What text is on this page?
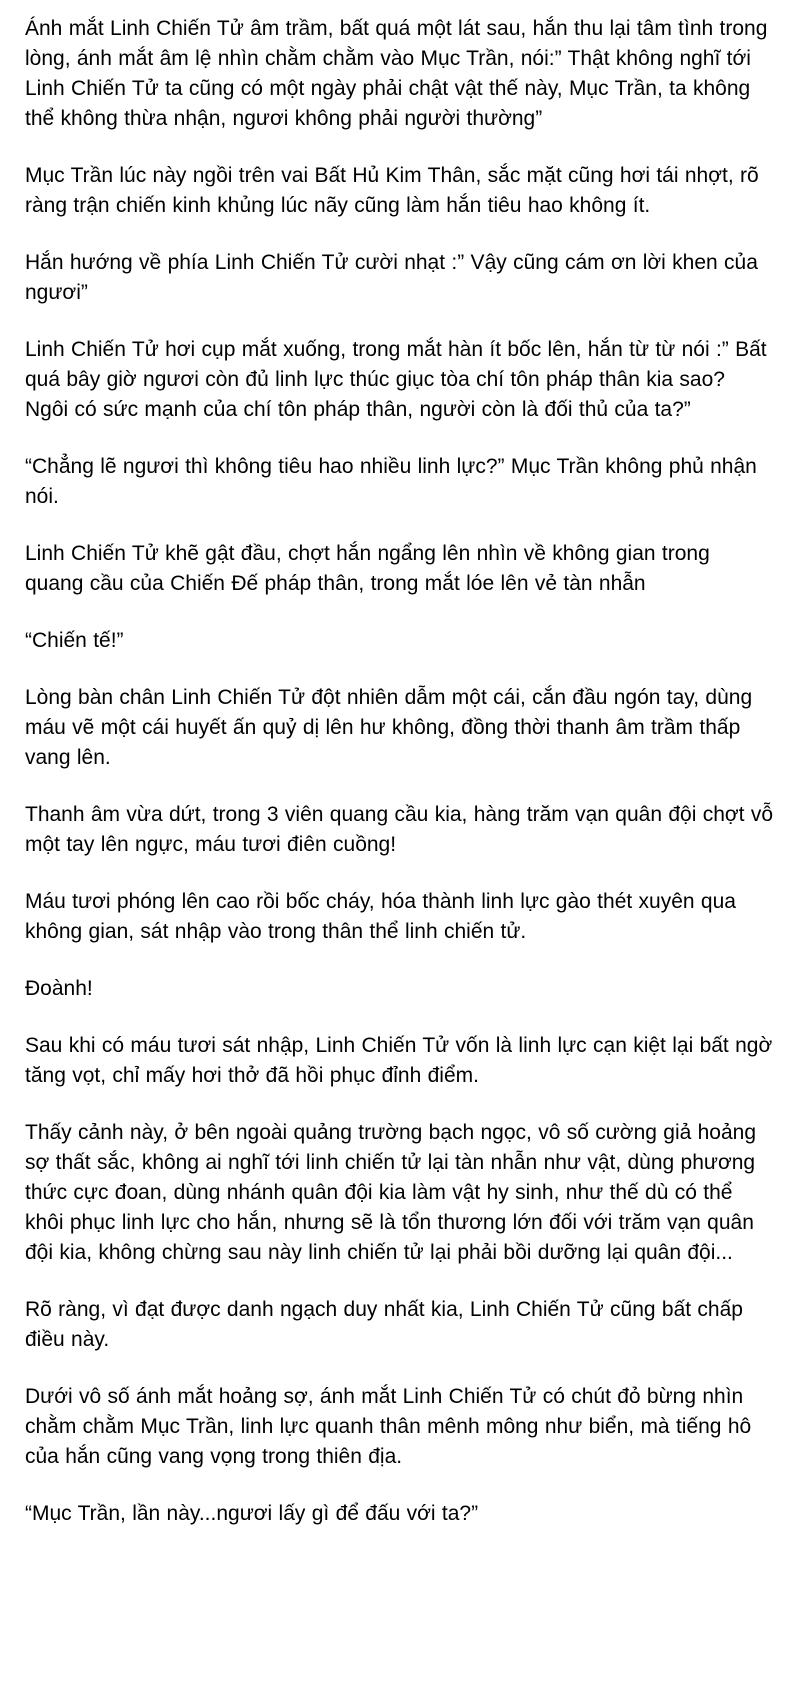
Ánh mắt Linh Chiến Tử âm trầm, bất quá một lát sau, hắn thu lại tâm tình trong lòng, ánh mắt âm lệ nhìn chằm chằm vào Mục Trần, nói:” Thật không nghĩ tới Linh Chiến Tử ta cũng có một ngày phải chật vật thế này, Mục Trần, ta không thể không thừa nhận, ngươi không phải người thường”

Mục Trần lúc này ngồi trên vai Bất Hủ Kim Thân, sắc mặt cũng hơi tái nhợt, rõ ràng trận chiến kinh khủng lúc nãy cũng làm hắn tiêu hao không ít.

Hắn hướng về phía Linh Chiến Tử cười nhạt :” Vậy cũng cám ơn lời khen của ngươi”

Linh Chiến Tử hơi cụp mắt xuống, trong mắt hàn ít bốc lên, hắn từ từ nói :” Bất quá bây giờ ngươi còn đủ linh lực thúc giục tòa chí tôn pháp thân kia sao? Ngôi có sức mạnh của chí tôn pháp thân, người còn là đối thủ của ta?”

“Chẳng lẽ ngươi thì không tiêu hao nhiều linh lực?” Mục Trần không phủ nhận nói.

Linh Chiến Tử khẽ gật đầu, chợt hắn ngẩng lên nhìn về không gian trong quang cầu của Chiến Đế pháp thân, trong mắt lóe lên vẻ tàn nhẫn

“Chiến tế!”

Lòng bàn chân Linh Chiến Tử đột nhiên dẫm một cái, cắn đầu ngón tay, dùng máu vẽ một cái huyết ấn quỷ dị lên hư không, đồng thời thanh âm trầm thấp vang lên.

Thanh âm vừa dứt, trong 3 viên quang cầu kia, hàng trăm vạn quân đội chợt vỗ một tay lên ngực, máu tươi điên cuồng!

Máu tươi phóng lên cao rồi bốc cháy, hóa thành linh lực gào thét xuyên qua không gian, sát nhập vào trong thân thể linh chiến tử.

Đoành!

Sau khi có máu tươi sát nhập, Linh Chiến Tử vốn là linh lực cạn kiệt lại bất ngờ tăng vọt, chỉ mấy hơi thở đã hồi phục đỉnh điểm.

Thấy cảnh này, ở bên ngoài quảng trường bạch ngọc, vô số cường giả hoảng sợ thất sắc, không ai nghĩ tới linh chiến tử lại tàn nhẫn như vật, dùng phương thức cực đoan, dùng nhánh quân đội kia làm vật hy sinh, như thế dù có thể khôi phục linh lực cho hắn, nhưng sẽ là tổn thương lớn đối với trăm vạn quân đội kia, không chừng sau này linh chiến tử lại phải bồi dưỡng lại quân đội...

Rõ ràng, vì đạt được danh ngạch duy nhất kia, Linh Chiến Tử cũng bất chấp điều này.

Dưới vô số ánh mắt hoảng sợ, ánh mắt Linh Chiến Tử có chút đỏ bừng nhìn chằm chằm Mục Trần, linh lực quanh thân mênh mông như biển, mà tiếng hô của hắn cũng vang vọng trong thiên địa.

“Mục Trần, lần này...ngươi lấy gì để đấu với ta?”
